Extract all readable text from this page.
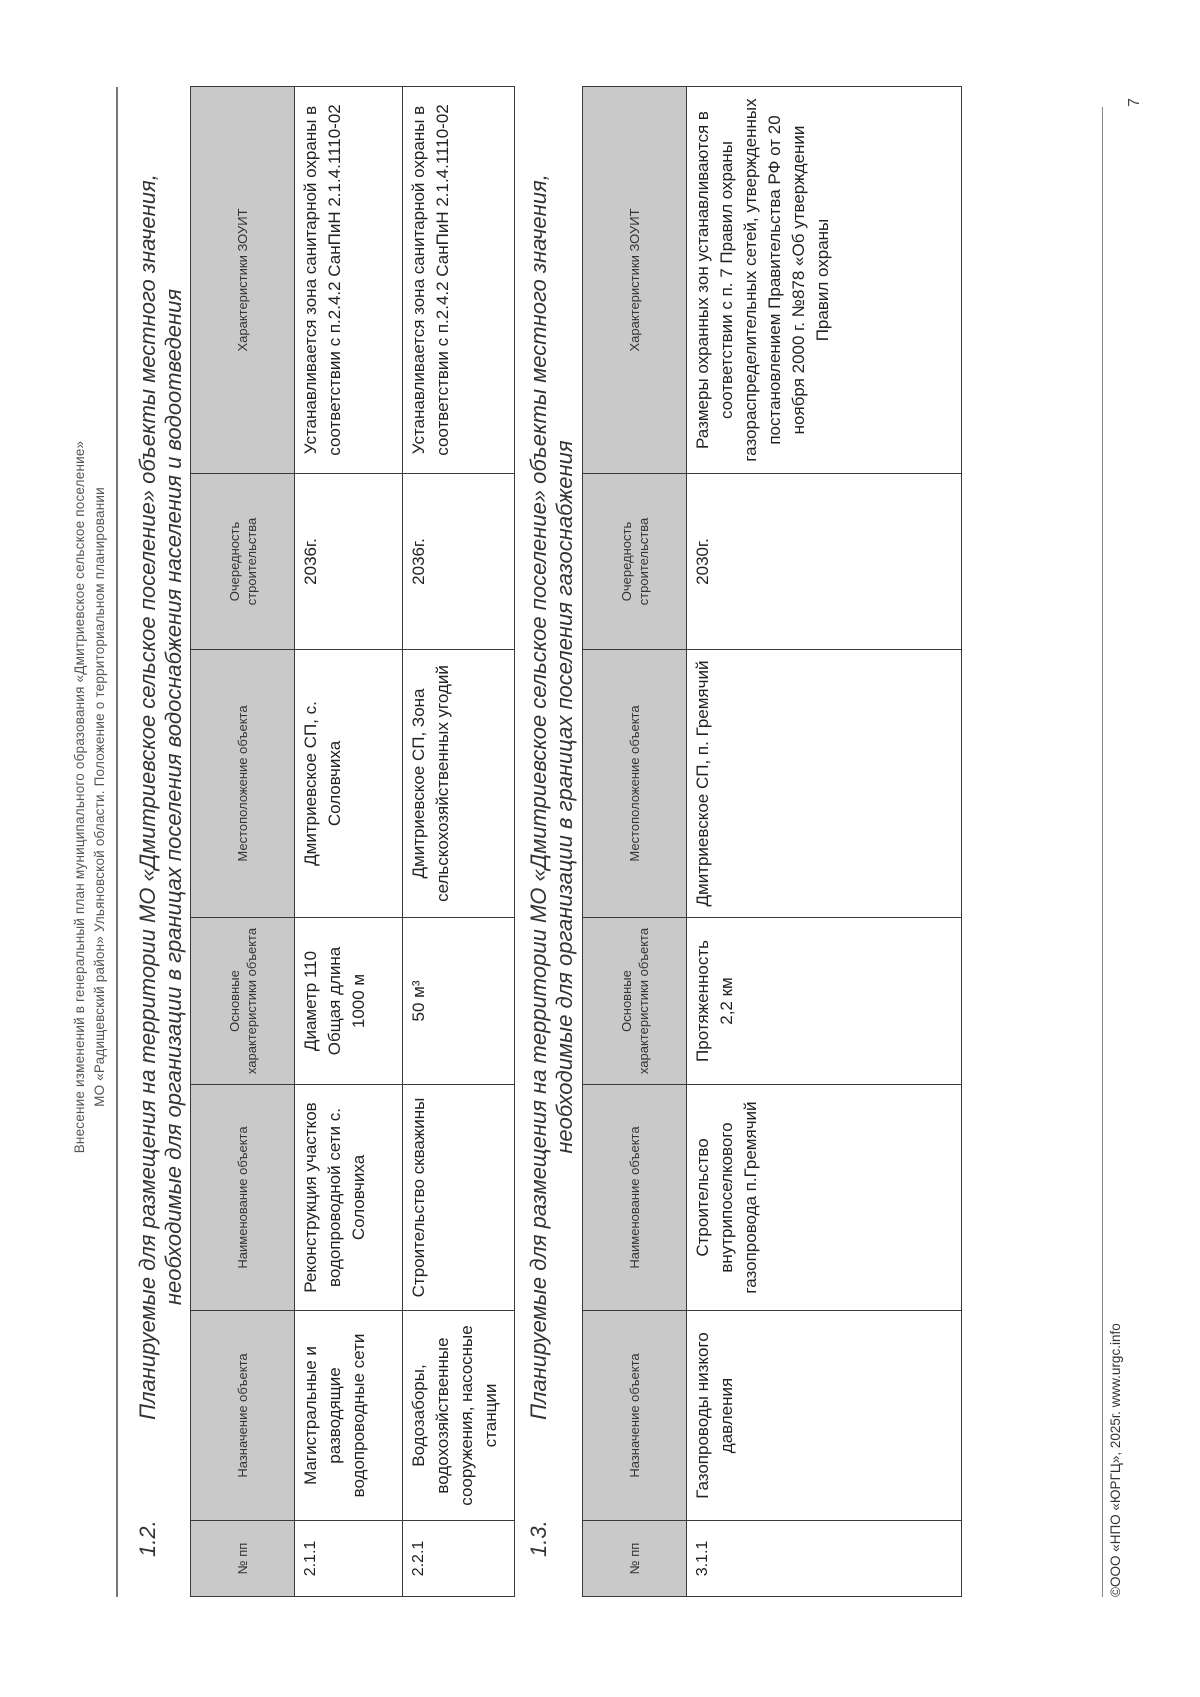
Внесение изменений в генеральный план муниципального образования «Дмитриевское сельское поселение» МО «Радищевский район» Ульяновской области. Положение о территориальном планировании
1.2.
Планируемые для размещения на территории МО «Дмитриевское сельское поселение» объекты местного значения, необходимые для организации в границах поселения водоснабжения населения и водоотведения
№ пп	Назначение объекта	Наименование объекта	Основные характеристики объекта	Местоположение объекта	Очередность строительства	Характеристики ЗОУИТ
2.1.1	Магистральные и разводящие водопроводные сети	Реконструкция участков водопроводной сети с. Соловчиха	Диаметр 110 Общая длина 1000 м	Дмитриевское СП, с. Соловчиха	2036г.	Устанавливается зона санитарной охраны в соответствии с п.2.4.2 СанПиН 2.1.4.1110-02
2.2.1	Водозаборы, водохозяйственные сооружения, насосные станции	Строительство скважины	50 м³	Дмитриевское СП, Зона сельскохозяйственных угодий	2036г.	Устанавливается зона санитарной охраны в соответствии с п.2.4.2 СанПиН 2.1.4.1110-02
1.3.
Планируемые для размещения на территории МО «Дмитриевское сельское поселение» объекты местного значения, необходимые для организации в границах поселения газоснабжения
№ пп	Назначение объекта	Наименование объекта	Основные характеристики объекта	Местоположение объекта	Очередность строительства	Характеристики ЗОУИТ
3.1.1	Газопроводы низкого давления	Строительство внутрипоселкового газопровода п.Гремячий	Протяженность 2,2 км	Дмитриевское СП, п. Гремячий	2030г.	Размеры охранных зон устанавливаются в соответствии с п. 7 Правил охраны газораспределительных сетей, утвержденных постановлением Правительства РФ от 20 ноября 2000 г. №878 «Об утверждении Правил охраны
©ООО «НПО «ЮРГЦ», 2025г. www.urgc.info
7
